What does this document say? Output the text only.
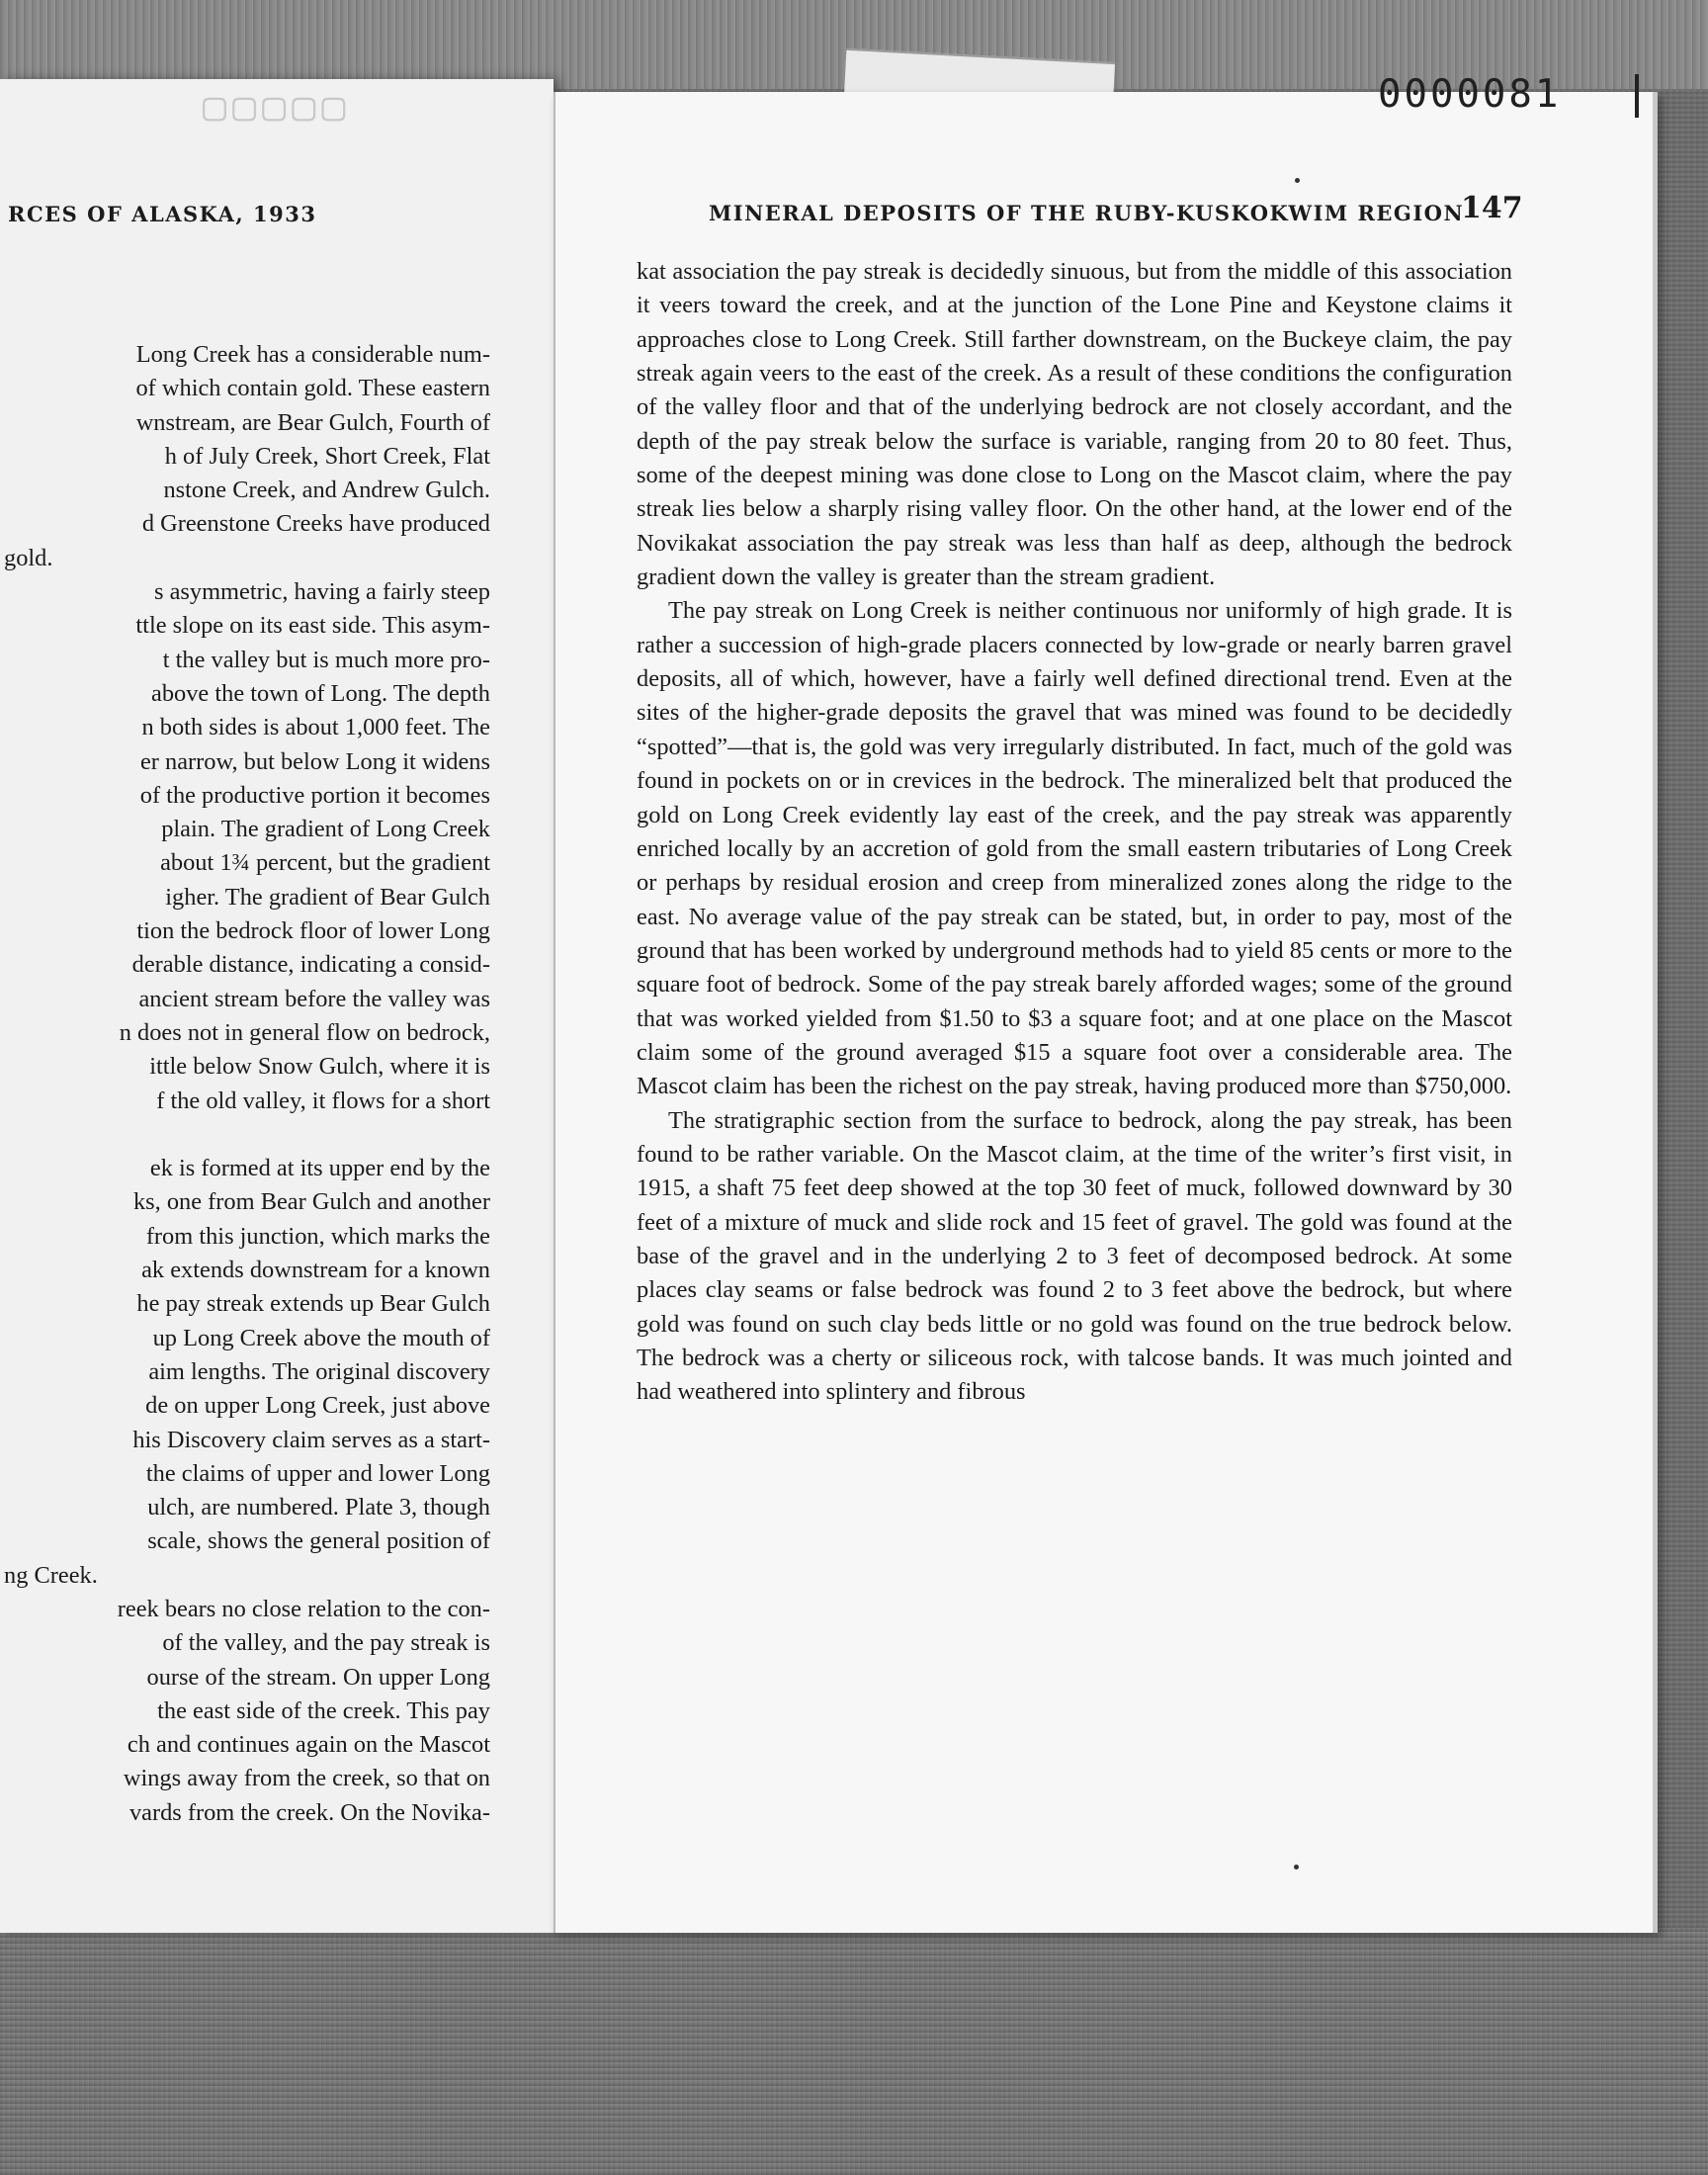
▢▢▢▢▢
RCES OF ALASKA, 1933
Long Creek has a considerable num-
of which contain gold. These eastern
wnstream, are Bear Gulch, Fourth of
h of July Creek, Short Creek, Flat
nstone Creek, and Andrew Gulch.
d Greenstone Creeks have produced
gold.
s asymmetric, having a fairly steep
ttle slope on its east side. This asym-
t the valley but is much more pro-
above the town of Long. The depth
n both sides is about 1,000 feet. The
er narrow, but below Long it widens
of the productive portion it becomes
plain. The gradient of Long Creek
about 1¾ percent, but the gradient
igher. The gradient of Bear Gulch
tion the bedrock floor of lower Long
derable distance, indicating a consid-
ancient stream before the valley was
n does not in general flow on bedrock,
ittle below Snow Gulch, where it is
f the old valley, it flows for a short

ek is formed at its upper end by the
ks, one from Bear Gulch and another
from this junction, which marks the
ak extends downstream for a known
he pay streak extends up Bear Gulch
up Long Creek above the mouth of
aim lengths. The original discovery
de on upper Long Creek, just above
his Discovery claim serves as a start-
the claims of upper and lower Long
ulch, are numbered. Plate 3, though
scale, shows the general position of
ng Creek.
reek bears no close relation to the con-
of the valley, and the pay streak is
ourse of the stream. On upper Long
the east side of the creek. This pay
ch and continues again on the Mascot
wings away from the creek, so that on
vards from the creek. On the Novika-
0000081
MINERAL DEPOSITS OF THE RUBY-KUSKOKWIM REGION
147

kat association the pay streak is decidedly sinuous, but from the middle of this association it veers toward the creek, and at the junction of the Lone Pine and Keystone claims it approaches close to Long Creek. Still farther downstream, on the Buckeye claim, the pay streak again veers to the east of the creek. As a result of these conditions the configuration of the valley floor and that of the underlying bedrock are not closely accordant, and the depth of the pay streak below the surface is variable, ranging from 20 to 80 feet. Thus, some of the deepest mining was done close to Long on the Mascot claim, where the pay streak lies below a sharply rising valley floor. On the other hand, at the lower end of the Novikakat association the pay streak was less than half as deep, although the bedrock gradient down the valley is greater than the stream gradient.

The pay streak on Long Creek is neither continuous nor uniformly of high grade. It is rather a succession of high-grade placers connected by low-grade or nearly barren gravel deposits, all of which, however, have a fairly well defined directional trend. Even at the sites of the higher-grade deposits the gravel that was mined was found to be decidedly “spotted”—that is, the gold was very irregularly distributed. In fact, much of the gold was found in pockets on or in crevices in the bedrock. The mineralized belt that produced the gold on Long Creek evidently lay east of the creek, and the pay streak was apparently enriched locally by an accretion of gold from the small eastern tributaries of Long Creek or perhaps by residual erosion and creep from mineralized zones along the ridge to the east. No average value of the pay streak can be stated, but, in order to pay, most of the ground that has been worked by underground methods had to yield 85 cents or more to the square foot of bedrock. Some of the pay streak barely afforded wages; some of the ground that was worked yielded from $1.50 to $3 a square foot; and at one place on the Mascot claim some of the ground averaged $15 a square foot over a considerable area. The Mascot claim has been the richest on the pay streak, having produced more than $750,000.

The stratigraphic section from the surface to bedrock, along the pay streak, has been found to be rather variable. On the Mascot claim, at the time of the writer’s first visit, in 1915, a shaft 75 feet deep showed at the top 30 feet of muck, followed downward by 30 feet of a mixture of muck and slide rock and 15 feet of gravel. The gold was found at the base of the gravel and in the underlying 2 to 3 feet of decomposed bedrock. At some places clay seams or false bedrock was found 2 to 3 feet above the bedrock, but where gold was found on such clay beds little or no gold was found on the true bedrock below. The bedrock was a cherty or siliceous rock, with talcose bands. It was much jointed and had weathered into splintery and fibrous
